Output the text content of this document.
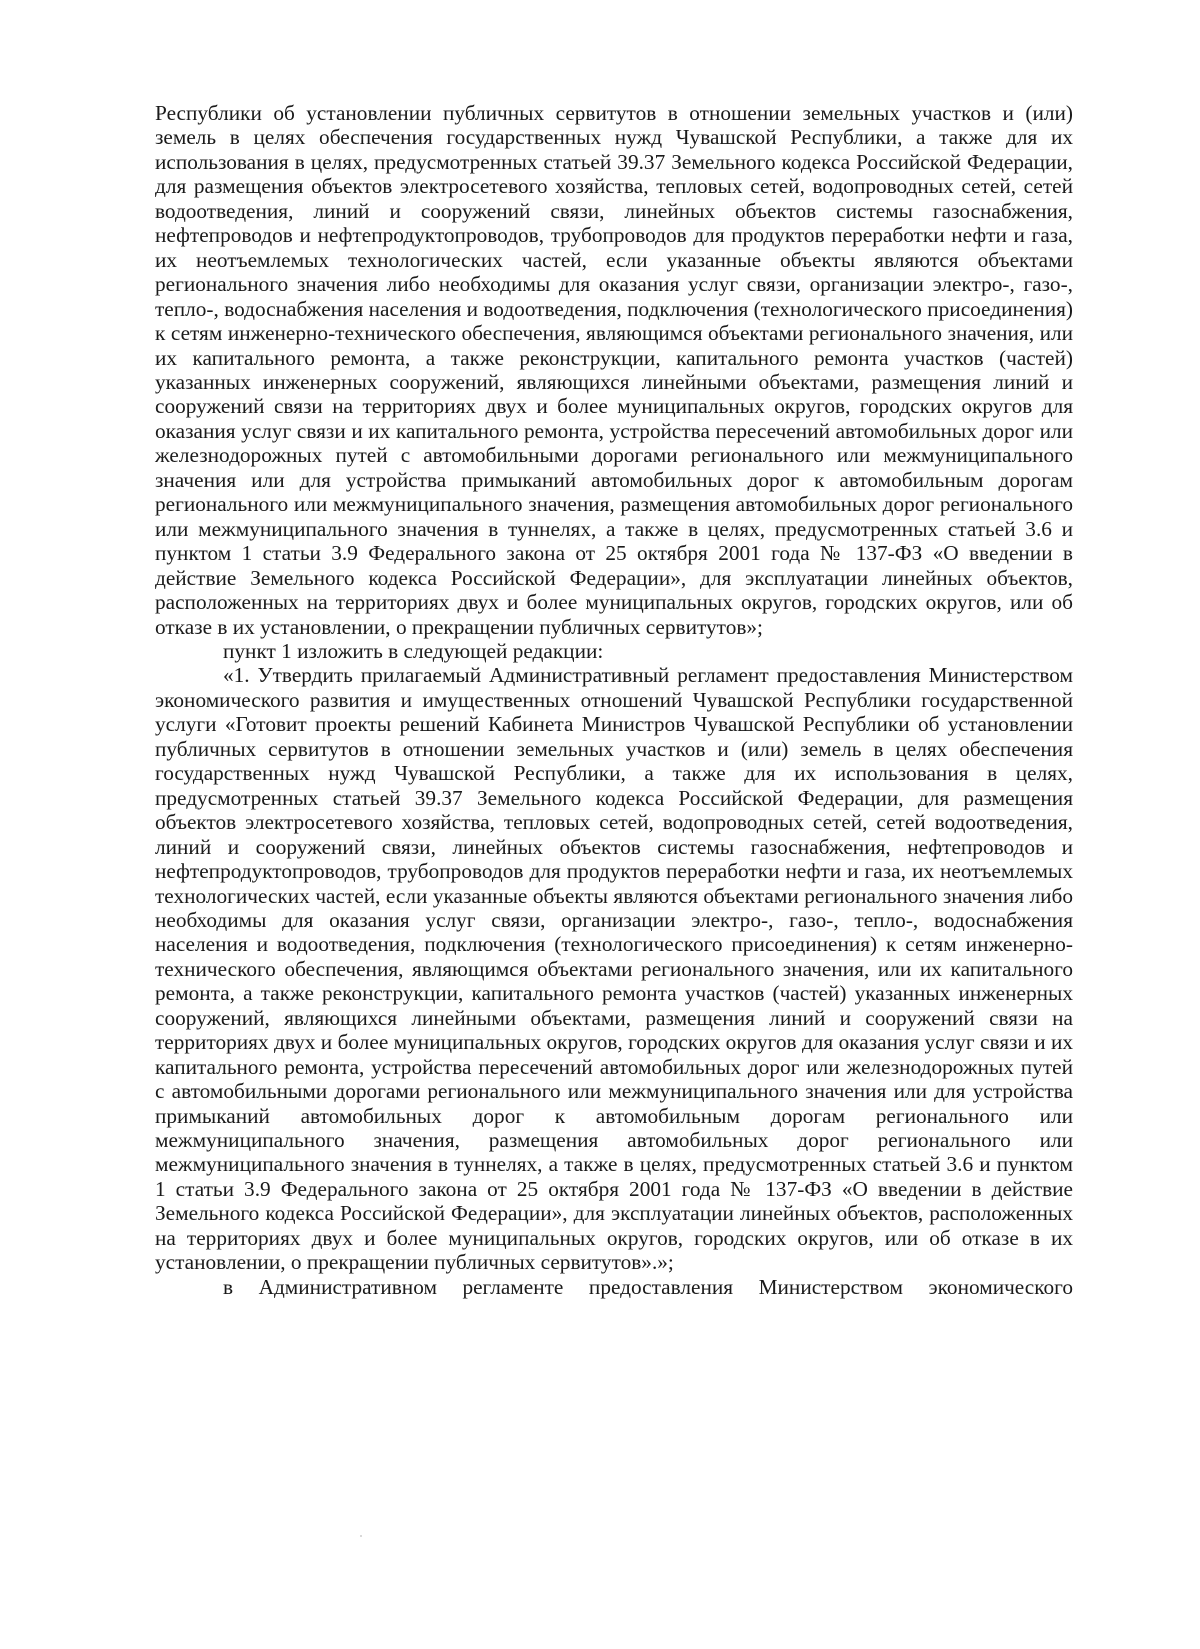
Республики об установлении публичных сервитутов в отношении земельных участков и (или) земель в целях обеспечения государственных нужд Чувашской Республики, а также для их использования в целях, предусмотренных статьей 39.37 Земельного кодекса Российской Федерации, для размещения объектов электросетевого хозяйства, тепловых сетей, водопроводных сетей, сетей водоотведения, линий и сооружений связи, линейных объектов системы газоснабжения, нефтепроводов и нефтепродуктопроводов, трубопроводов для продуктов переработки нефти и газа, их неотъемлемых технологических частей, если указанные объекты являются объектами регионального значения либо необходимы для оказания услуг связи, организации электро-, газо-, тепло-, водоснабжения населения и водоотведения, подключения (технологического присоединения) к сетям инженерно-технического обеспечения, являющимся объектами регионального значения, или их капитального ремонта, а также реконструкции, капитального ремонта участков (частей) указанных инженерных сооружений, являющихся линейными объектами, размещения линий и сооружений связи на территориях двух и более муниципальных округов, городских округов для оказания услуг связи и их капитального ремонта, устройства пересечений автомобильных дорог или железнодорожных путей с автомобильными дорогами регионального или межмуниципального значения или для устройства примыканий автомобильных дорог к автомобильным дорогам регионального или межмуниципального значения, размещения автомобильных дорог регионального или межмуниципального значения в туннелях, а также в целях, предусмотренных статьей 3.6 и пунктом 1 статьи 3.9 Федерального закона от 25 октября 2001 года № 137-ФЗ «О введении в действие Земельного кодекса Российской Федерации», для эксплуатации линейных объектов, расположенных на территориях двух и более муниципальных округов, городских округов, или об отказе в их установлении, о прекращении публичных сервитутов»;

пункт 1 изложить в следующей редакции:

«1. Утвердить прилагаемый Административный регламент предоставления Министерством экономического развития и имущественных отношений Чувашской Республики государственной услуги «Готовит проекты решений Кабинета Министров Чувашской Республики об установлении публичных сервитутов в отношении земельных участков и (или) земель в целях обеспечения государственных нужд Чувашской Республики, а также для их использования в целях, предусмотренных статьей 39.37 Земельного кодекса Российской Федерации, для размещения объектов электросетевого хозяйства, тепловых сетей, водопроводных сетей, сетей водоотведения, линий и сооружений связи, линейных объектов системы газоснабжения, нефтепроводов и нефтепродуктопроводов, трубопроводов для продуктов переработки нефти и газа, их неотъемлемых технологических частей, если указанные объекты являются объектами регионального значения либо необходимы для оказания услуг связи, организации электро-, газо-, тепло-, водоснабжения населения и водоотведения, подключения (технологического присоединения) к сетям инженерно-технического обеспечения, являющимся объектами регионального значения, или их капитального ремонта, а также реконструкции, капитального ремонта участков (частей) указанных инженерных сооружений, являющихся линейными объектами, размещения линий и сооружений связи на территориях двух и более муниципальных округов, городских округов для оказания услуг связи и их капитального ремонта, устройства пересечений автомобильных дорог или железнодорожных путей с автомобильными дорогами регионального или межмуниципального значения или для устройства примыканий автомобильных дорог к автомобильным дорогам регионального или межмуниципального значения, размещения автомобильных дорог регионального или межмуниципального значения в туннелях, а также в целях, предусмотренных статьей 3.6 и пунктом 1 статьи 3.9 Федерального закона от 25 октября 2001 года № 137-ФЗ «О введении в действие Земельного кодекса Российской Федерации», для эксплуатации линейных объектов, расположенных на территориях двух и более муниципальных округов, городских округов, или об отказе в их установлении, о прекращении публичных сервитутов».»;

в Административном регламенте предоставления Министерством экономического
